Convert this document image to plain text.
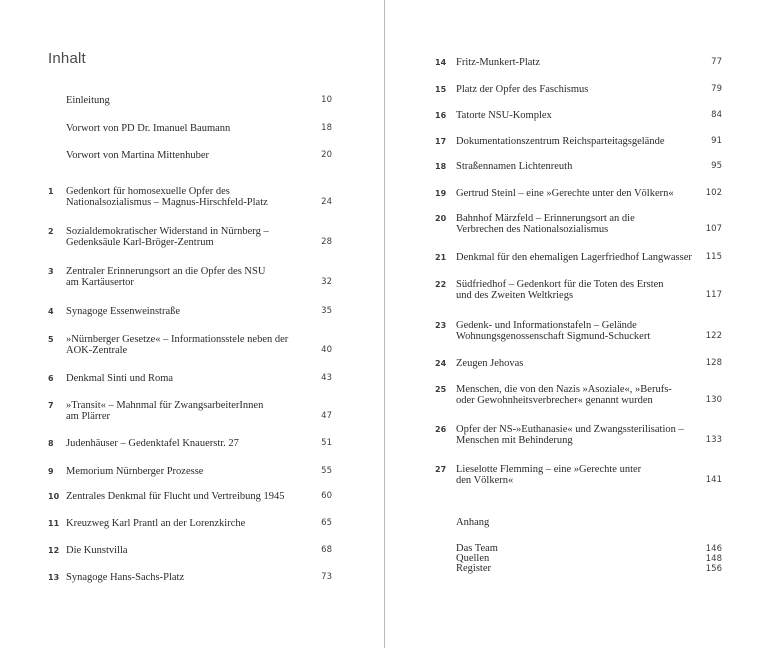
Inhalt
Einleitung	10
Vorwort von PD Dr. Imanuel Baumann	18
Vorwort von Martina Mittenhuber	20
1 Gedenkort für homosexuelle Opfer des
Nationalsozialismus – Magnus-Hirschfeld-Platz	24
2 Sozialdemokratischer Widerstand in Nürnberg –
Gedenksäule Karl-Bröger-Zentrum	28
3 Zentraler Erinnerungsort an die Opfer des NSU
am Kartäusertor	32
4 Synagoge Essenweinstraße	35
5 »Nürnberger Gesetze« – Informationsstele neben der
AOK-Zentrale	40
6 Denkmal Sinti und Roma	43
7 »Transit« – Mahnmal für ZwangsarbeiterInnen
am Plärrer	47
8 Judenhäuser – Gedenktafel Knauerstr. 27	51
9 Memorium Nürnberger Prozesse	55
10 Zentrales Denkmal für Flucht und Vertreibung 1945	60
11 Kreuzweg Karl Prantl an der Lorenzkirche	65
12 Die Kunstvilla	68
13 Synagoge Hans-Sachs-Platz	73
14 Fritz-Munkert-Platz	77
15 Platz der Opfer des Faschismus	79
16 Tatorte NSU-Komplex	84
17 Dokumentationszentrum Reichsparteitagsgelände	91
18 Straßennamen Lichtenreuth	95
19 Gertrud Steinl – eine »Gerechte unter den Völkern«	102
20 Bahnhof Märzfeld – Erinnerungsort an die
Verbrechen des Nationalsozialismus	107
21 Denkmal für den ehemaligen Lagerfriedhof Langwasser	115
22 Südfriedhof – Gedenkort für die Toten des Ersten
und des Zweiten Weltkriegs	117
23 Gedenk- und Informationstafeln – Gelände
Wohnungsgenossenschaft Sigmund-Schuckert	122
24 Zeugen Jehovas	128
25 Menschen, die von den Nazis »Asoziale«, »Berufs-
oder Gewohnheitsverbrecher« genannt wurden	130
26 Opfer der NS-»Euthanasie« und Zwangssterilisation –
Menschen mit Behinderung	133
27 Lieselotte Flemming – eine »Gerechte unter
den Völkern«	141
Das Team	146
Quellen	148
Register	156
Anhang
